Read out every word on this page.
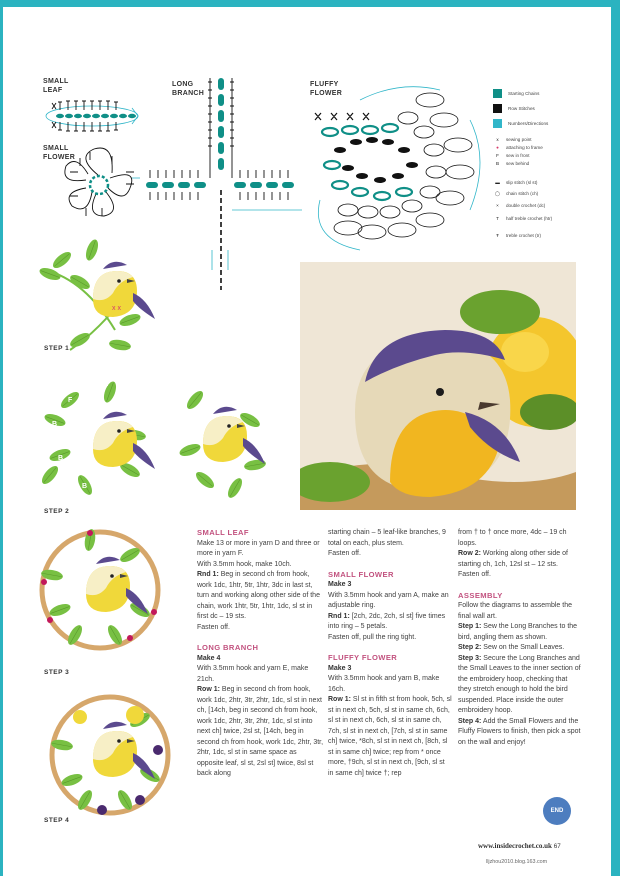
SMALL
LEAF
LONG
BRANCH
FLUFFY
FLOWER
SMALL
FLOWER
Starting Chains
Row Stitches
Numbers/Directions
x sewing point
● attaching to frame
F sew in front
B sew behind
▬ slip stitch (sl st)
◯ chain stitch (ch)
× double crochet (dc)
T half treble crochet (htr)
Ŧ treble crochet (tr)
x x
B
F
B
F
B
F
STEP 1
STEP 2
STEP 3
STEP 4

SMALL LEAF

Make 13 or more in yarn D and three or more in yarn F.

With 3.5mm hook, make 10ch.

Rnd 1: Beg in second ch from hook, work 1dc, 1htr, 5tr, 1htr, 3dc in last st, turn and working along other side of the chain, work 1htr, 5tr, 1htr, 1dc, sl st in first dc – 19 sts.

Fasten off.

LONG BRANCH

Make 4

With 3.5mm hook and yarn E, make 21ch.

Row 1: Beg in second ch from hook, work 1dc, 2htr, 3tr, 2htr, 1dc, sl st in next ch, [14ch, beg in second ch from hook, work 1dc, 2htr, 3tr, 2htr, 1dc, sl st into next ch] twice, 2sl st, [14ch, beg in second ch from hook, work 1dc, 2htr, 3tr, 2htr, 1dc, sl st in same space as opposite leaf, sl st, 2sl st] twice, 8sl st back along

starting chain – 5 leaf-like branches, 9 total on each, plus stem.

Fasten off.

SMALL FLOWER

Make 3

With 3.5mm hook and yarn A, make an adjustable ring.

Rnd 1: [2ch, 2dc, 2ch, sl st] five times into ring – 5 petals.

Fasten off, pull the ring tight.

FLUFFY FLOWER

Make 3

With 3.5mm hook and yarn B, make 16ch.

Row 1: Sl st in fifth st from hook, 5ch, sl st in next ch, 5ch, sl st in same ch, 6ch, sl st in next ch, 6ch, sl st in same ch, 7ch, sl st in next ch, [7ch, sl st in same ch] twice, *8ch, sl st in next ch, [8ch, sl st in same ch] twice; rep from * once more, †9ch, sl st in next ch, [9ch, sl st in same ch] twice †; rep

from † to † once more, 4dc – 19 ch loops.

Row 2: Working along other side of starting ch, 1ch, 12sl st – 12 sts.

Fasten off.

ASSEMBLY

Follow the diagrams to assemble the final wall art.

Step 1: Sew the Long Branches to the bird, angling them as shown.

Step 2: Sew on the Small Leaves.

Step 3: Secure the Long Branches and the Small Leaves to the inner section of the embroidery hoop, checking that they stretch enough to hold the bird suspended. Place inside the outer embroidery hoop.

Step 4: Add the Small Flowers and the Fluffy Flowers to finish, then pick a spot on the wall and enjoy!

END
www.insidecrochet.co.uk 67
lljzhou2010.blog.163.com
